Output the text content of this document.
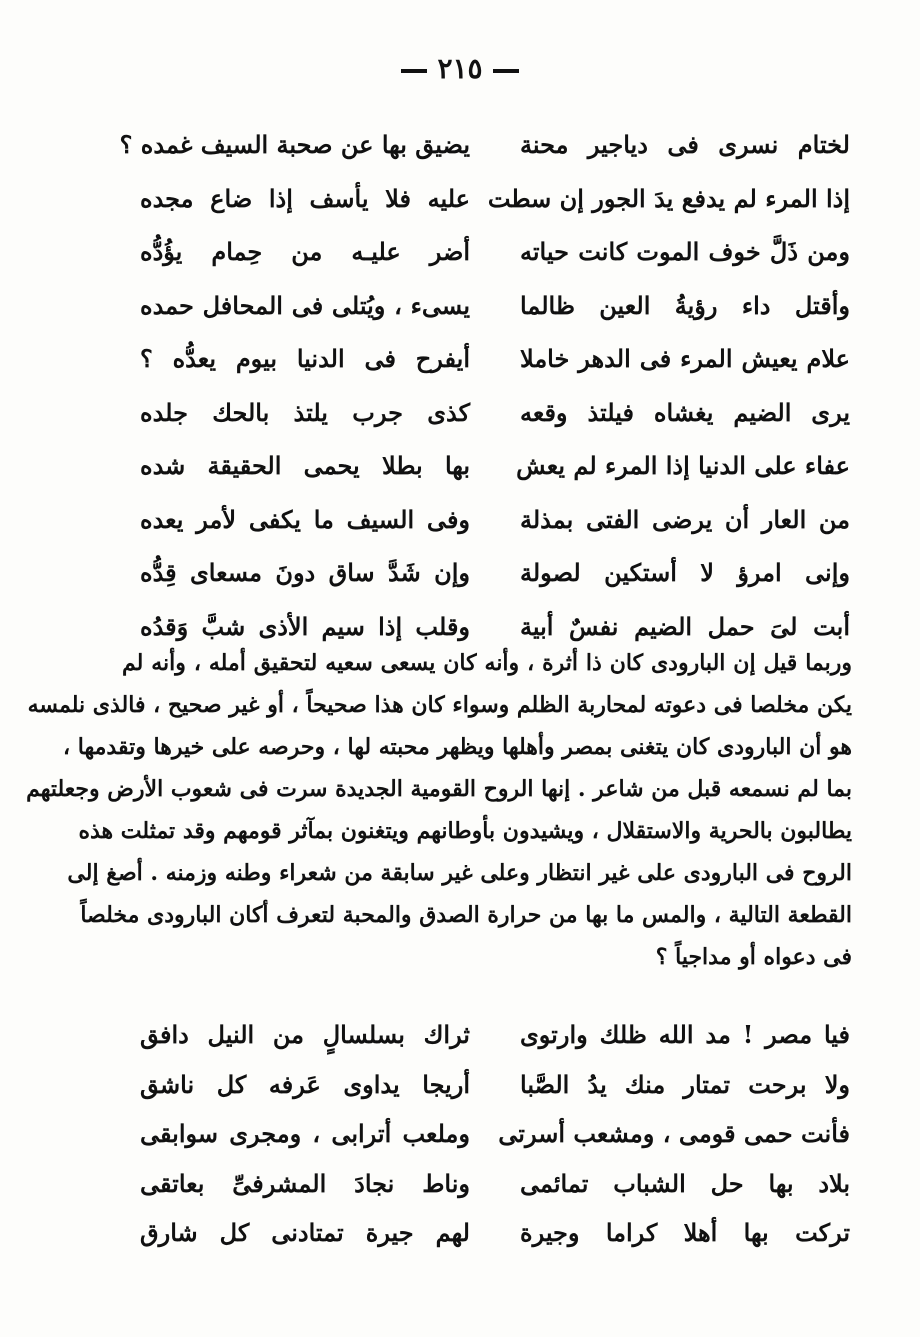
٢١٥
لختام نسرى فى دياجير محنة
يضيق بها عن صحبة السيف غمده ؟
إذا المرء لم يدفع يدَ الجور إن سطت
عليه فلا يأسف إذا ضاع مجده
ومن ذَلَّ خوف الموت كانت حياته
أضر عليـه من حِمام يؤُدُّه
وأقتل داء رؤيةُ العين ظالما
يسىء ، ويُتلى فى المحافل حمده
علام يعيش المرء فى الدهر خاملا
أيفرح فى الدنيا بيوم يعدُّه ؟
يرى الضيم يغشاه فيلتذ وقعه
كذى جرب يلتذ بالحك جلده
عفاء على الدنيا إذا المرء لم يعش
بها بطلا يحمى الحقيقة شده
من العار أن يرضى الفتى بمذلة
وفى السيف ما يكفى لأمر يعده
وإنى امرؤ لا أستكين لصولة
وإن شَدَّ ساق دونَ مسعاى قِدُّه
أبت لىَ حمل الضيم نفسٌ أبية
وقلب إذا سيم الأذى شبَّ وَقدُه
وربما قيل إن البارودى كان ذا أثرة ، وأنه كان يسعى سعيه لتحقيق أمله ، وأنه لم
يكن مخلصا فى دعوته لمحاربة الظلم وسواء كان هذا صحيحاً ، أو غير صحيح ، فالذى نلمسه
هو أن البارودى كان يتغنى بمصر وأهلها ويظهر محبته لها ، وحرصه على خيرها وتقدمها ،
بما لم نسمعه قبل من شاعر . إنها الروح القومية الجديدة سرت فى شعوب الأرض وجعلتهم
يطالبون بالحرية والاستقلال ، ويشيدون بأوطانهم ويتغنون بمآثر قومهم وقد تمثلت هذه
الروح فى البارودى على غير انتظار وعلى غير سابقة من شعراء وطنه وزمنه . أصغ إلى
القطعة التالية ، والمس ما بها من حرارة الصدق والمحبة لتعرف أكان البارودى مخلصاً
فى دعواه أو مداجياً ؟
فيا مصر ! مد الله ظلك وارتوى
ثراك بسلسالٍ من النيل دافق
ولا برحت تمتار منك يدُ الصَّبا
أريجا يداوى عَرفه كل ناشق
فأنت حمى قومى ، ومشعب أسرتى
وملعب أترابى ، ومجرى سوابقى
بلاد بها حل الشباب تمائمى
وناط نجادَ المشرفىِّ بعاتقى
تركت بها أهلا كراما وجيرة
لهم جيرة تمتادنى كل شارق
